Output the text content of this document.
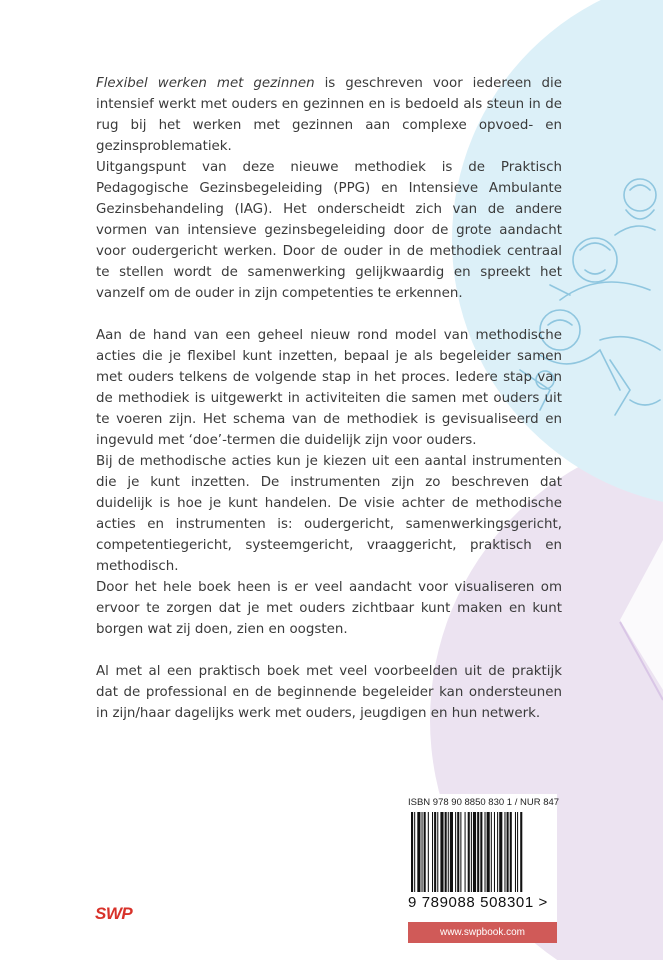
Flexibel werken met gezinnen is geschreven voor iedereen die intensief werkt met ouders en gezinnen en is bedoeld als steun in de rug bij het werken met gezinnen aan complexe opvoed- en gezinsproblematiek.

Uitgangspunt van deze nieuwe methodiek is de Praktisch Pedagogische Gezinsbegeleiding (PPG) en Intensieve Ambulante Gezinsbehandeling (IAG). Het onderscheidt zich van de andere vormen van intensieve gezinsbegeleiding door de grote aandacht voor oudergericht werken. Door de ouder in de methodiek centraal te stellen wordt de samenwerking gelijkwaardig en spreekt het vanzelf om de ouder in zijn competenties te erkennen.

Aan de hand van een geheel nieuw rond model van methodische acties die je flexibel kunt inzetten, bepaal je als begeleider samen met ouders telkens de volgende stap in het proces. Iedere stap van de methodiek is uitgewerkt in activiteiten die samen met ouders uit te voeren zijn. Het schema van de methodiek is gevisualiseerd en ingevuld met ‘doe’-termen die duidelijk zijn voor ouders.

Bij de methodische acties kun je kiezen uit een aantal instrumenten die je kunt inzetten. De instrumenten zijn zo beschreven dat duidelijk is hoe je kunt handelen. De visie achter de methodische acties en instrumenten is: oudergericht, samenwerkingsgericht, competentiegericht, systeemgericht, vraaggericht, praktisch en methodisch.

Door het hele boek heen is er veel aandacht voor visualiseren om ervoor te zorgen dat je met ouders zichtbaar kunt maken en kunt borgen wat zij doen, zien en oogsten.

Al met al een praktisch boek met veel voorbeelden uit de praktijk dat de professional en de beginnende begeleider kan ondersteunen in zijn/haar dagelijks werk met ouders, jeugdigen en hun netwerk.

ISBN 978 90 8850 830 1 / NUR 847
9 789088 508301 >
www.swpbook.com
SWP
